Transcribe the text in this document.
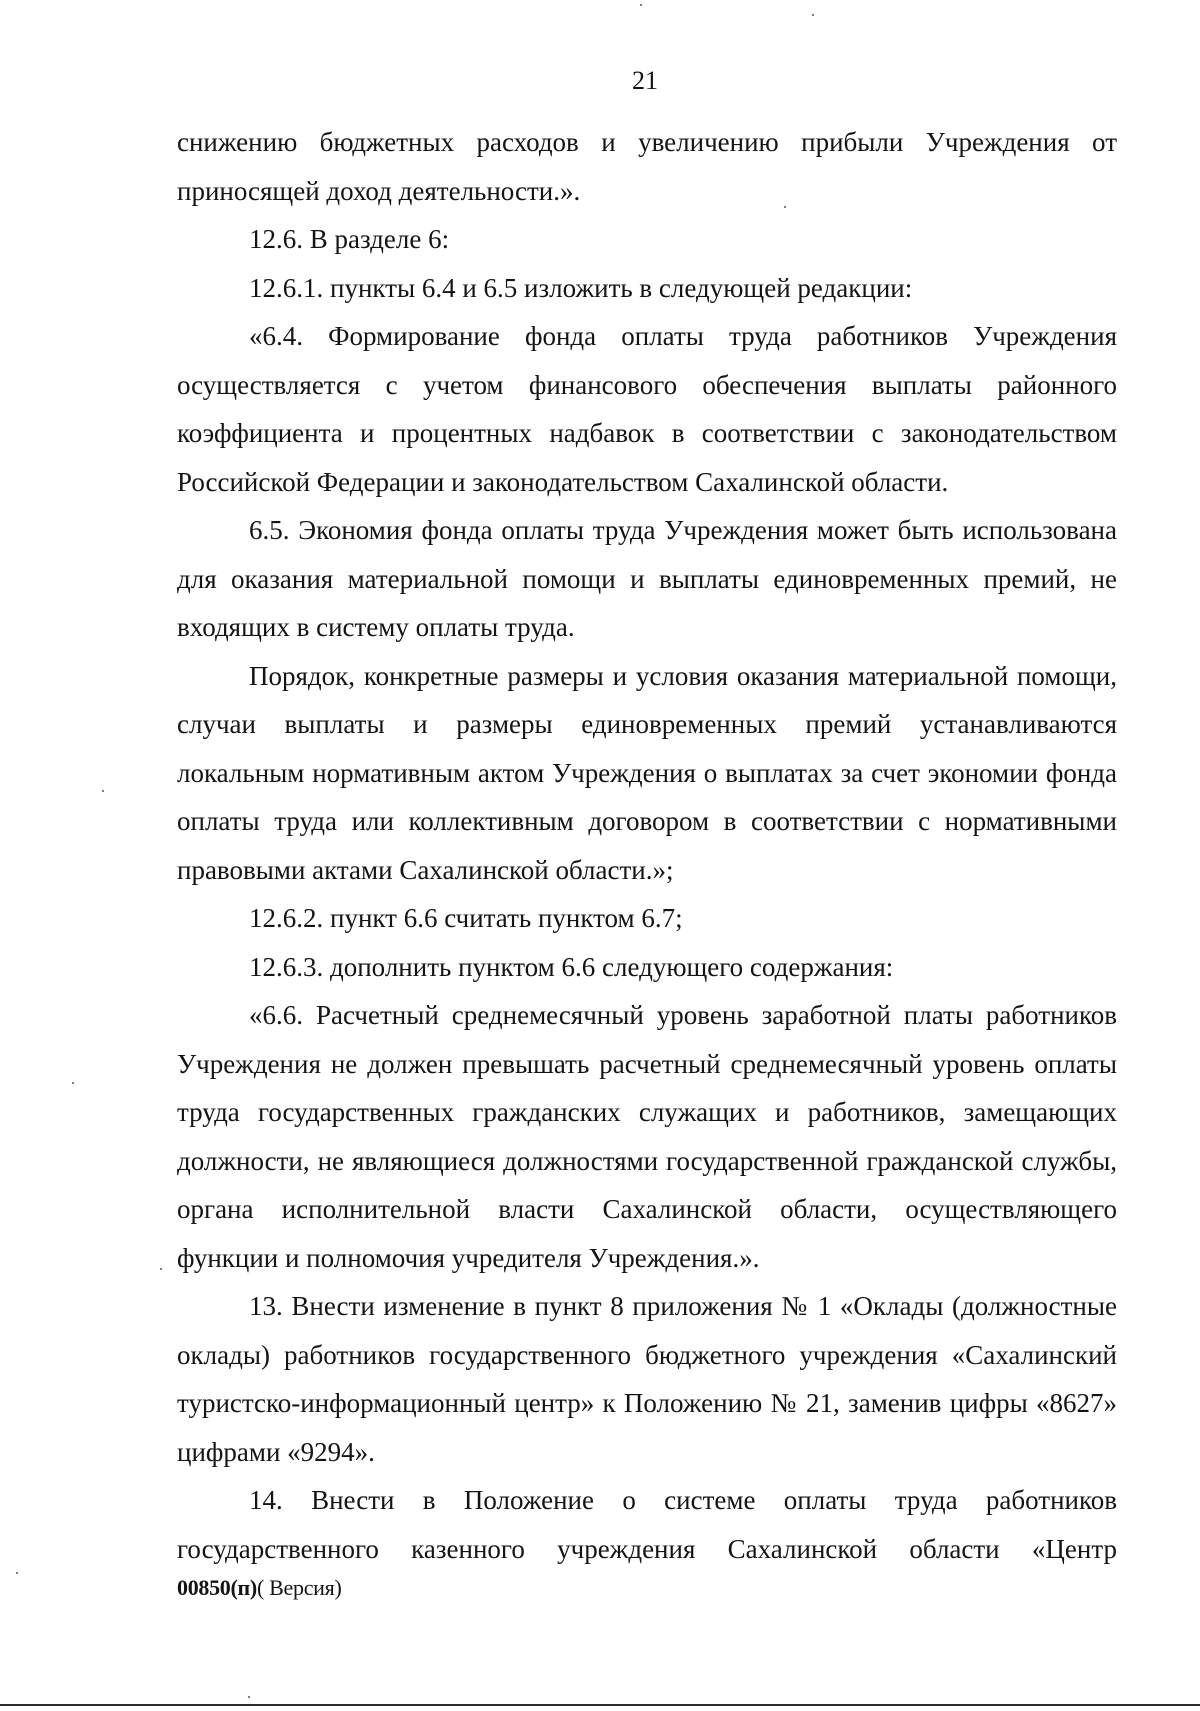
21

снижению бюджетных расходов и увеличению прибыли Учреждения от приносящей доход деятельности.».

12.6. В разделе 6:

12.6.1. пункты 6.4 и 6.5 изложить в следующей редакции:

«6.4. Формирование фонда оплаты труда работников Учреждения осуществляется с учетом финансового обеспечения выплаты районного коэффициента и процентных надбавок в соответствии с законодательством Российской Федерации и законодательством Сахалинской области.

6.5. Экономия фонда оплаты труда Учреждения может быть использована для оказания материальной помощи и выплаты единовременных премий, не входящих в систему оплаты труда.

Порядок, конкретные размеры и условия оказания материальной помощи, случаи выплаты и размеры единовременных премий устанавливаются локальным нормативным актом Учреждения о выплатах за счет экономии фонда оплаты труда или коллективным договором в соответствии с нормативными правовыми актами Сахалинской области.»;

12.6.2. пункт 6.6 считать пунктом 6.7;

12.6.3. дополнить пунктом 6.6 следующего содержания:

«6.6. Расчетный среднемесячный уровень заработной платы работников Учреждения не должен превышать расчетный среднемесячный уровень оплаты труда государственных гражданских служащих и работников, замещающих должности, не являющиеся должностями государственной гражданской службы, органа исполнительной власти Сахалинской области, осуществляющего функции и полномочия учредителя Учреждения.».

13. Внести изменение в пункт 8 приложения № 1 «Оклады (должностные оклады) работников государственного бюджетного учреждения «Сахалинский туристско-информационный центр» к Положению № 21, заменив цифры «8627» цифрами «9294».

14. Внести в Положение о системе оплаты труда работников государственного казенного учреждения Сахалинской области «Центр

00850(п)( Версия)
